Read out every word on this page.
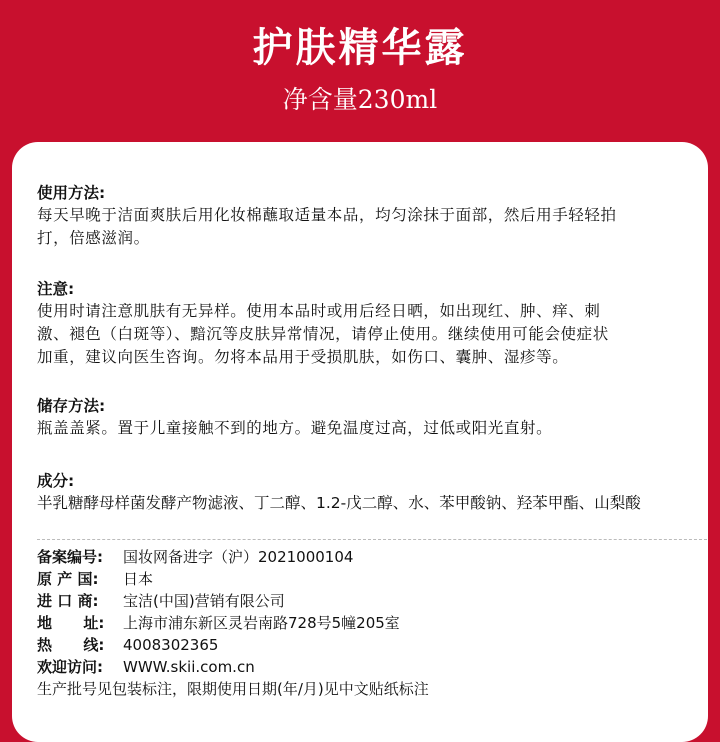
护肤精华露
净含量230ml
使用方法:
每天早晚于洁面爽肤后用化妆棉蘸取适量本品，均匀涂抹于面部，然后用手轻轻拍
打，倍感滋润。
注意:
使用时请注意肌肤有无异样。使用本品时或用后经日晒，如出现红、肿、痒、刺
激、褪色（白斑等）、黯沉等皮肤异常情况，请停止使用。继续使用可能会使症状
加重，建议向医生咨询。勿将本品用于受损肌肤，如伤口、囊肿、湿疹等。
储存方法:
瓶盖盖紧。置于儿童接触不到的地方。避免温度过高，过低或阳光直射。
成分:
半乳糖酵母样菌发酵产物滤液、丁二醇、1.2-戊二醇、水、苯甲酸钠、羟苯甲酯、山梨酸
备案编号:	国妆网备进字（沪）2021000104
原 产 国:	日本
进 口 商:	宝洁(中国)营销有限公司
地      址:	上海市浦东新区灵岩南路728号5幢205室
热      线:	4008302365
欢迎访问:	WWW.skii.com.cn
生产批号见包装标注，限期使用日期(年/月)见中文贴纸标注
